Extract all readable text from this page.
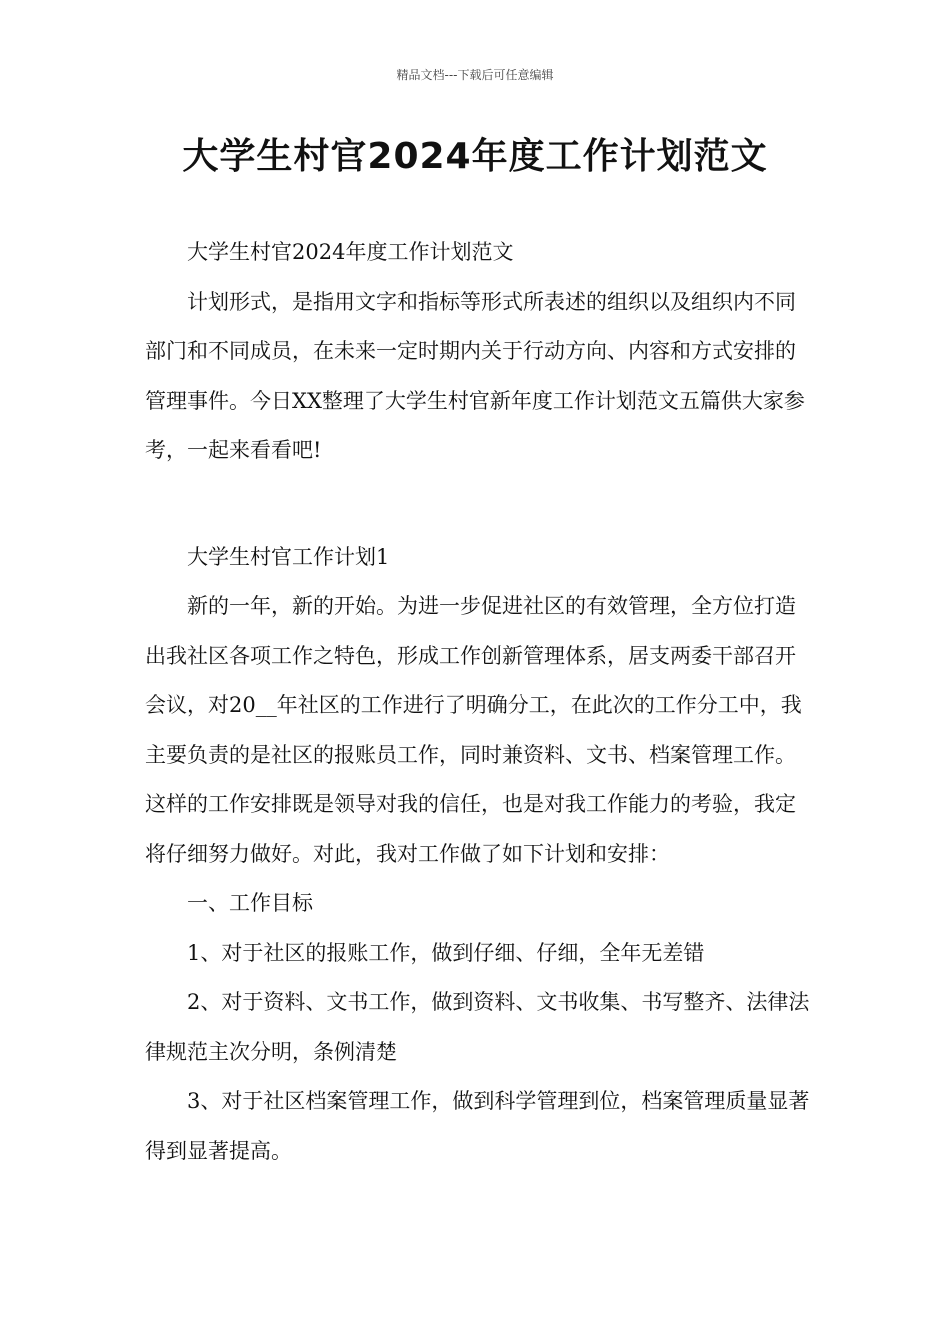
精品文档---下载后可任意编辑
大学生村官2024年度工作计划范文

大学生村官2024年度工作计划范文

计划形式，是指用文字和指标等形式所表述的组织以及组织内不同部门和不同成员，在未来一定时期内关于行动方向、内容和方式安排的管理事件。今日XX整理了大学生村官新年度工作计划范文五篇供大家参考，一起来看看吧!

大学生村官工作计划1

新的一年，新的开始。为进一步促进社区的有效管理，全方位打造出我社区各项工作之特色，形成工作创新管理体系，居支两委干部召开会议，对20__年社区的工作进行了明确分工，在此次的工作分工中，我主要负责的是社区的报账员工作，同时兼资料、文书、档案管理工作。这样的工作安排既是领导对我的信任，也是对我工作能力的考验，我定将仔细努力做好。对此，我对工作做了如下计划和安排：

一、工作目标

1、对于社区的报账工作，做到仔细、仔细，全年无差错

2、对于资料、文书工作，做到资料、文书收集、书写整齐、法律法律规范主次分明，条例清楚

3、对于社区档案管理工作，做到科学管理到位，档案管理质量显著得到显著提高。
